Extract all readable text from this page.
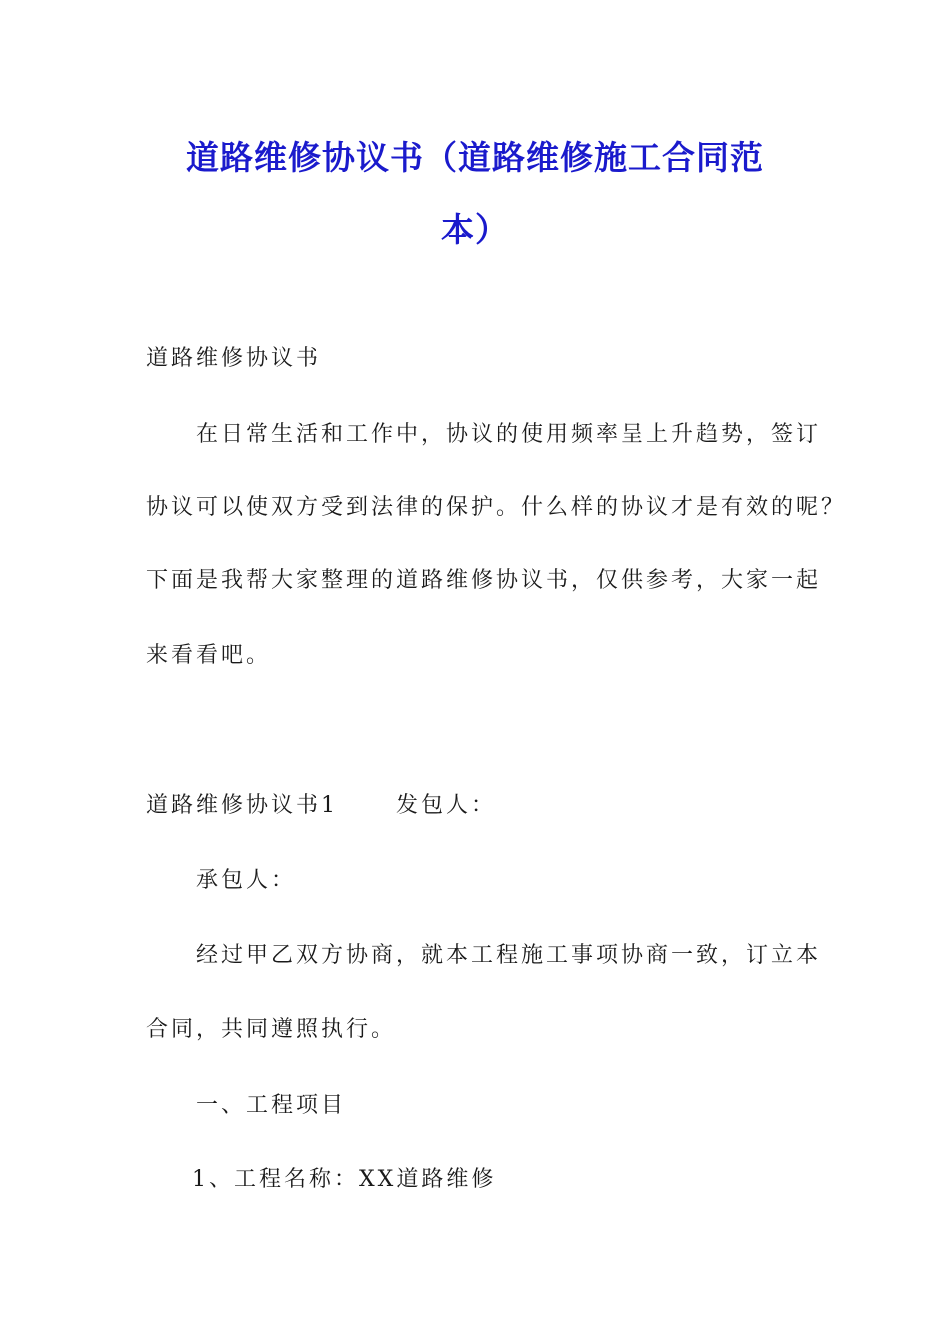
道路维修协议书（道路维修施工合同范
本）

道路维修协议书

在日常生活和工作中，协议的使用频率呈上升趋势，签订

协议可以使双方受到法律的保护。什么样的协议才是有效的呢？

下面是我帮大家整理的道路维修协议书，仅供参考，大家一起

来看看吧。

道路维修协议书1	发包人：

承包人：

经过甲乙双方协商，就本工程施工事项协商一致，订立本

合同，共同遵照执行。

一、工程项目

1、工程名称：XX道路维修
